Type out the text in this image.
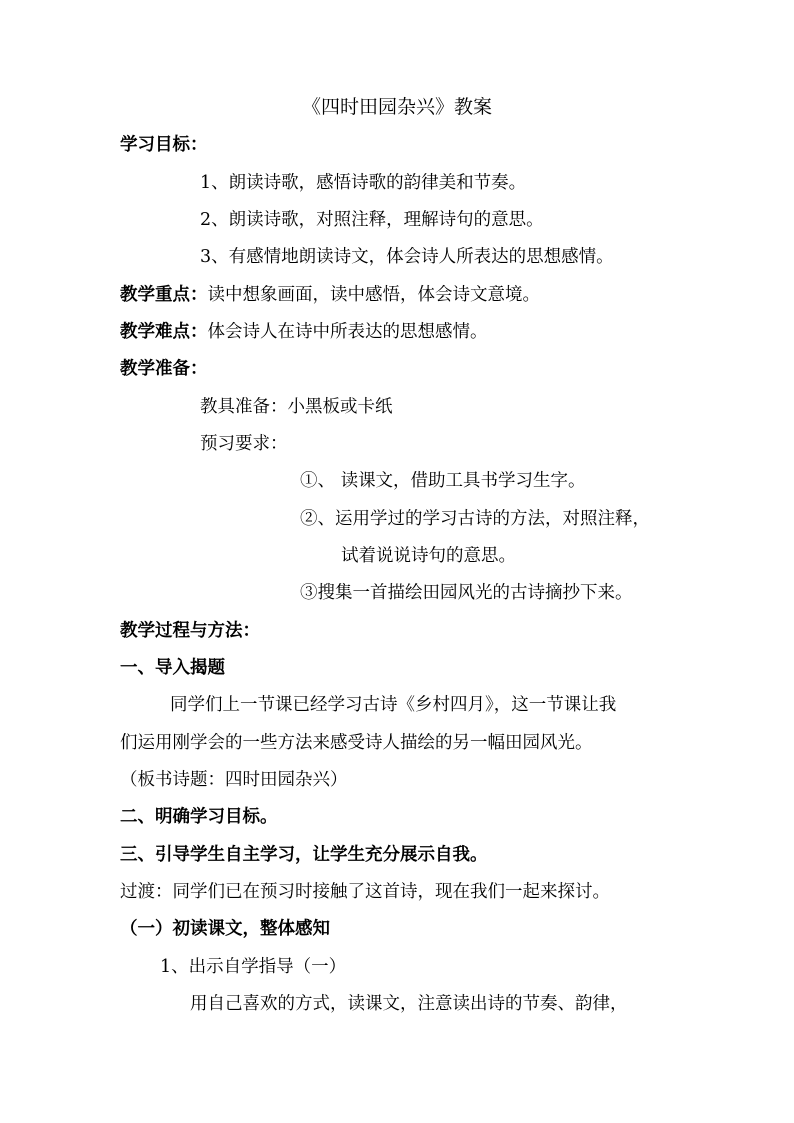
《四时田园杂兴》教案
学习目标：
1、朗读诗歌，感悟诗歌的韵律美和节奏。
2、朗读诗歌，对照注释，理解诗句的意思。
3、有感情地朗读诗文，体会诗人所表达的思想感情。
教学重点：读中想象画面，读中感悟，体会诗文意境。
教学难点：体会诗人在诗中所表达的思想感情。
教学准备：
教具准备：小黑板或卡纸
预习要求：
①、 读课文，借助工具书学习生字。
②、运用学过的学习古诗的方法，对照注释，
试着说说诗句的意思。
③搜集一首描绘田园风光的古诗摘抄下来。
教学过程与方法：
一、导入揭题
同学们上一节课已经学习古诗《乡村四月》，这一节课让我
们运用刚学会的一些方法来感受诗人描绘的另一幅田园风光。
（板书诗题：四时田园杂兴）
二、明确学习目标。
三、引导学生自主学习，让学生充分展示自我。
过渡：同学们已在预习时接触了这首诗，现在我们一起来探讨。
（一）初读课文，整体感知
1、出示自学指导（一）
用自己喜欢的方式，读课文，注意读出诗的节奏、韵律，
